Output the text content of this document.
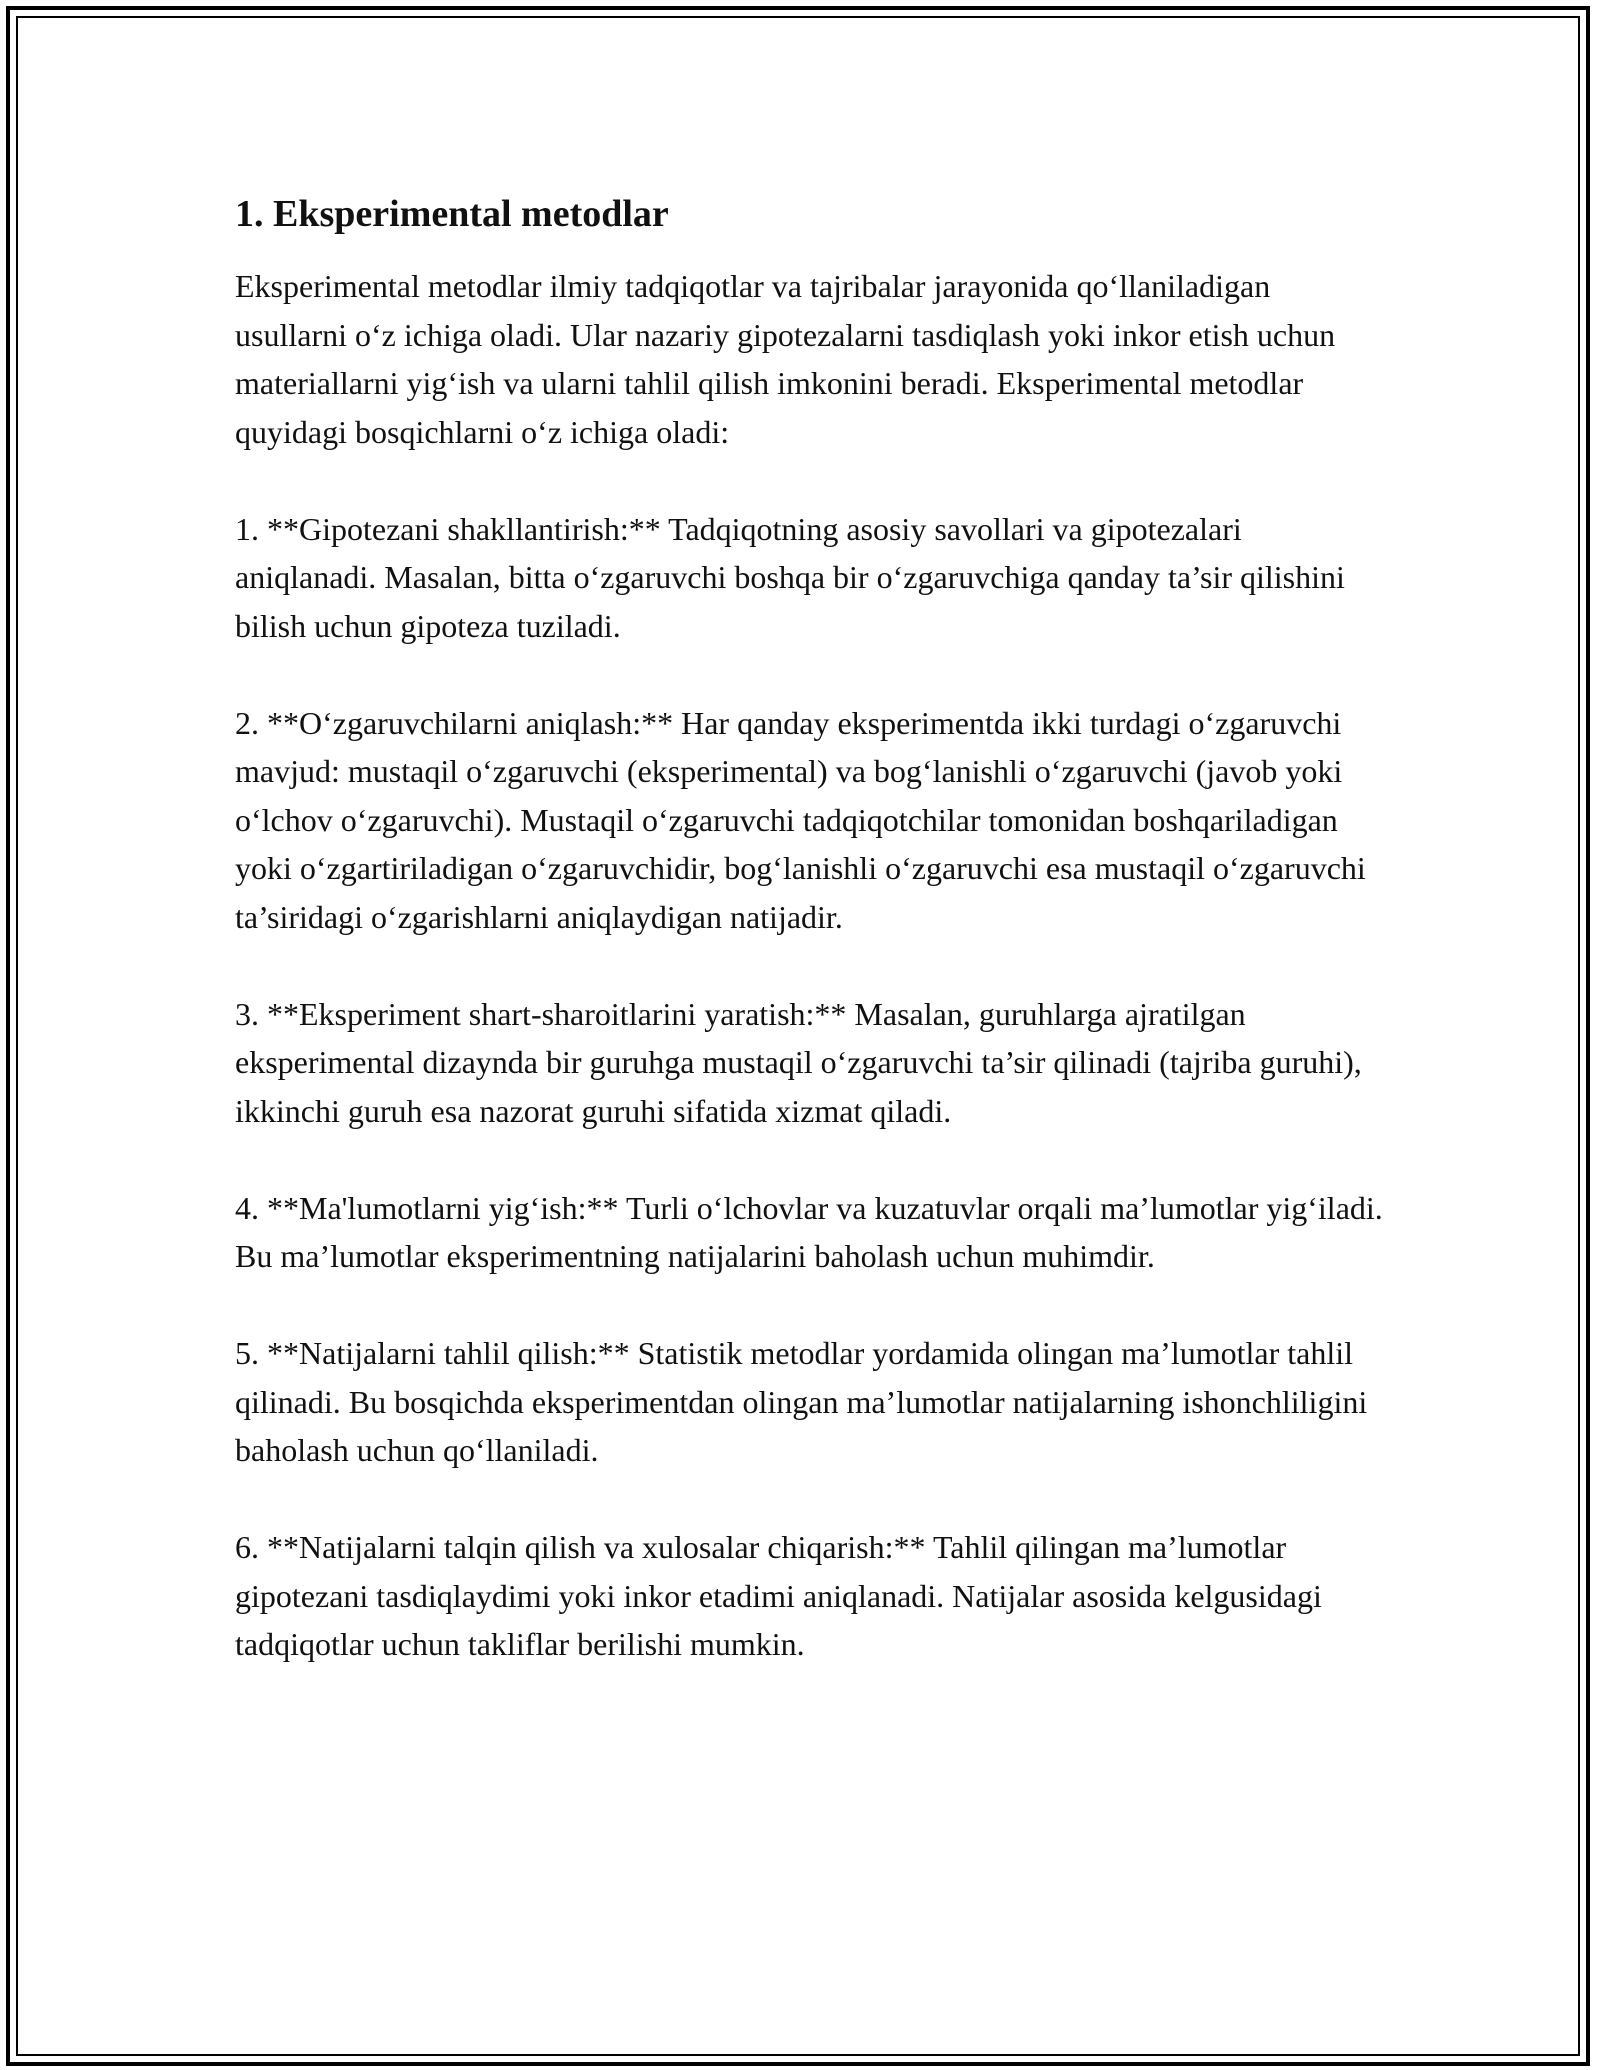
1. Eksperimental metodlar

Eksperimental metodlar ilmiy tadqiqotlar va tajribalar jarayonida qo‘llaniladigan usullarni o‘z ichiga oladi. Ular nazariy gipotezalarni tasdiqlash yoki inkor etish uchun materiallarni yig‘ish va ularni tahlil qilish imkonini beradi. Eksperimental metodlar quyidagi bosqichlarni o‘z ichiga oladi:

1. **Gipotezani shakllantirish:** Tadqiqotning asosiy savollari va gipotezalari aniqlanadi. Masalan, bitta o‘zgaruvchi boshqa bir o‘zgaruvchiga qanday ta’sir qilishini bilish uchun gipoteza tuziladi.

2. **O‘zgaruvchilarni aniqlash:** Har qanday eksperimentda ikki turdagi o‘zgaruvchi mavjud: mustaqil o‘zgaruvchi (eksperimental) va bog‘lanishli o‘zgaruvchi (javob yoki o‘lchov o‘zgaruvchi). Mustaqil o‘zgaruvchi tadqiqotchilar tomonidan boshqariladigan yoki o‘zgartiriladigan o‘zgaruvchidir, bog‘lanishli o‘zgaruvchi esa mustaqil o‘zgaruvchi ta’siridagi o‘zgarishlarni aniqlaydigan natijadir.

3. **Eksperiment shart-sharoitlarini yaratish:** Masalan, guruhlarga ajratilgan eksperimental dizaynda bir guruhga mustaqil o‘zgaruvchi ta’sir qilinadi (tajriba guruhi), ikkinchi guruh esa nazorat guruhi sifatida xizmat qiladi.

4. **Ma'lumotlarni yig‘ish:** Turli o‘lchovlar va kuzatuvlar orqali ma’lumotlar yig‘iladi. Bu ma’lumotlar eksperimentning natijalarini baholash uchun muhimdir.

5. **Natijalarni tahlil qilish:** Statistik metodlar yordamida olingan ma’lumotlar tahlil qilinadi. Bu bosqichda eksperimentdan olingan ma’lumotlar natijalarning ishonchliligini baholash uchun qo‘llaniladi.

6. **Natijalarni talqin qilish va xulosalar chiqarish:** Tahlil qilingan ma’lumotlar gipotezani tasdiqlaydimi yoki inkor etadimi aniqlanadi. Natijalar asosida kelgusidagi tadqiqotlar uchun takliflar berilishi mumkin.
